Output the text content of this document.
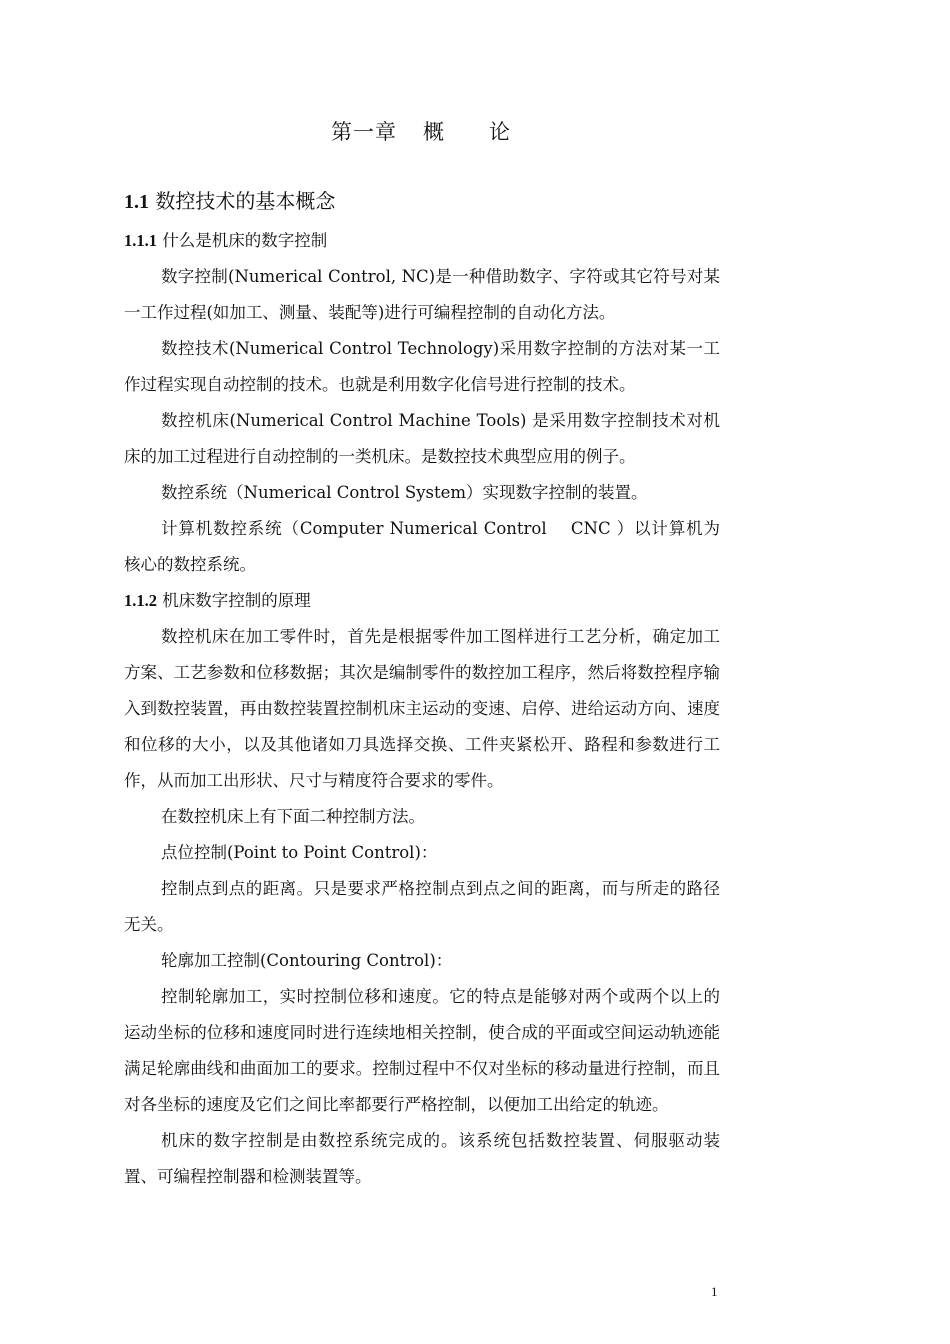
第一章 概 论
1.1 数控技术的基本概念
1.1.1 什么是机床的数字控制

数字控制(Numerical Control, NC)是一种借助数字、字符或其它符号对某一工作过程(如加工、测量、装配等)进行可编程控制的自动化方法。

数控技术(Numerical Control Technology)采用数字控制的方法对某一工作过程实现自动控制的技术。也就是利用数字化信号进行控制的技术。

数控机床(Numerical Control Machine Tools) 是采用数字控制技术对机床的加工过程进行自动控制的一类机床。是数控技术典型应用的例子。

数控系统（Numerical Control System）实现数字控制的装置。

计算机数控系统（Computer Numerical Control　 CNC ）以计算机为核心的数控系统。

1.1.2 机床数字控制的原理

数控机床在加工零件时，首先是根据零件加工图样进行工艺分析，确定加工方案、工艺参数和位移数据；其次是编制零件的数控加工程序，然后将数控程序输入到数控装置，再由数控装置控制机床主运动的变速、启停、进给运动方向、速度和位移的大小，以及其他诸如刀具选择交换、工件夹紧松开、路程和参数进行工作，从而加工出形状、尺寸与精度符合要求的零件。

在数控机床上有下面二种控制方法。

点位控制(Point to Point Control)：

控制点到点的距离。只是要求严格控制点到点之间的距离，而与所走的路径无关。

轮廓加工控制(Contouring Control)：

控制轮廓加工，实时控制位移和速度。它的特点是能够对两个或两个以上的运动坐标的位移和速度同时进行连续地相关控制，使合成的平面或空间运动轨迹能满足轮廓曲线和曲面加工的要求。控制过程中不仅对坐标的移动量进行控制，而且对各坐标的速度及它们之间比率都要行严格控制，以便加工出给定的轨迹。

机床的数字控制是由数控系统完成的。该系统包括数控装置、伺服驱动装置、可编程控制器和检测装置等。

1
